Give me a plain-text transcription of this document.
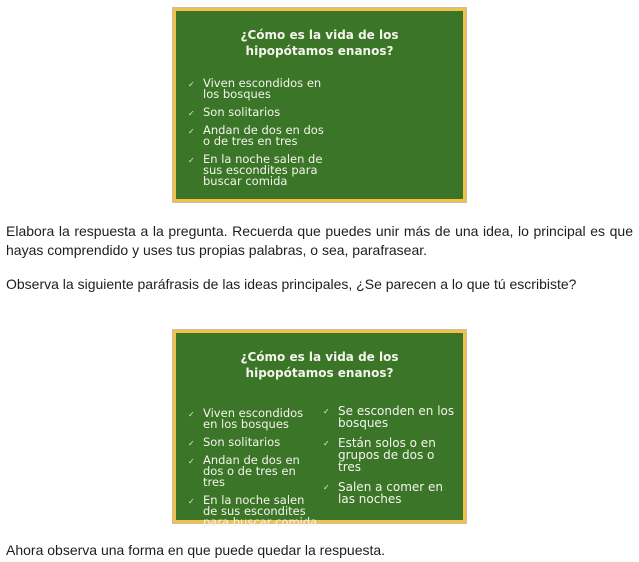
¿Cómo es la vida de los hipopótamos enanos?
✓ Viven escondidos en los bosques
✓ Son solitarios
✓ Andan de dos en dos o de tres en tres
✓ En la noche salen de sus escondites para buscar comida

Elabora la respuesta a la pregunta. Recuerda que puedes unir más de una idea, lo principal es que hayas comprendido y uses tus propias palabras, o sea, parafrasear.

Observa la siguiente paráfrasis de las ideas principales, ¿Se parecen a lo que tú escribiste?

¿Cómo es la vida de los hipopótamos enanos?
✓ Viven escondidos en los bosques
✓ Son solitarios
✓ Andan de dos en dos o de tres en tres
✓ En la noche salen de sus escondites para buscar comida
✓ Se esconden en los bosques
✓ Están solos o en grupos de dos o tres
✓ Salen a comer en las noches

Ahora observa una forma en que puede quedar la respuesta.
